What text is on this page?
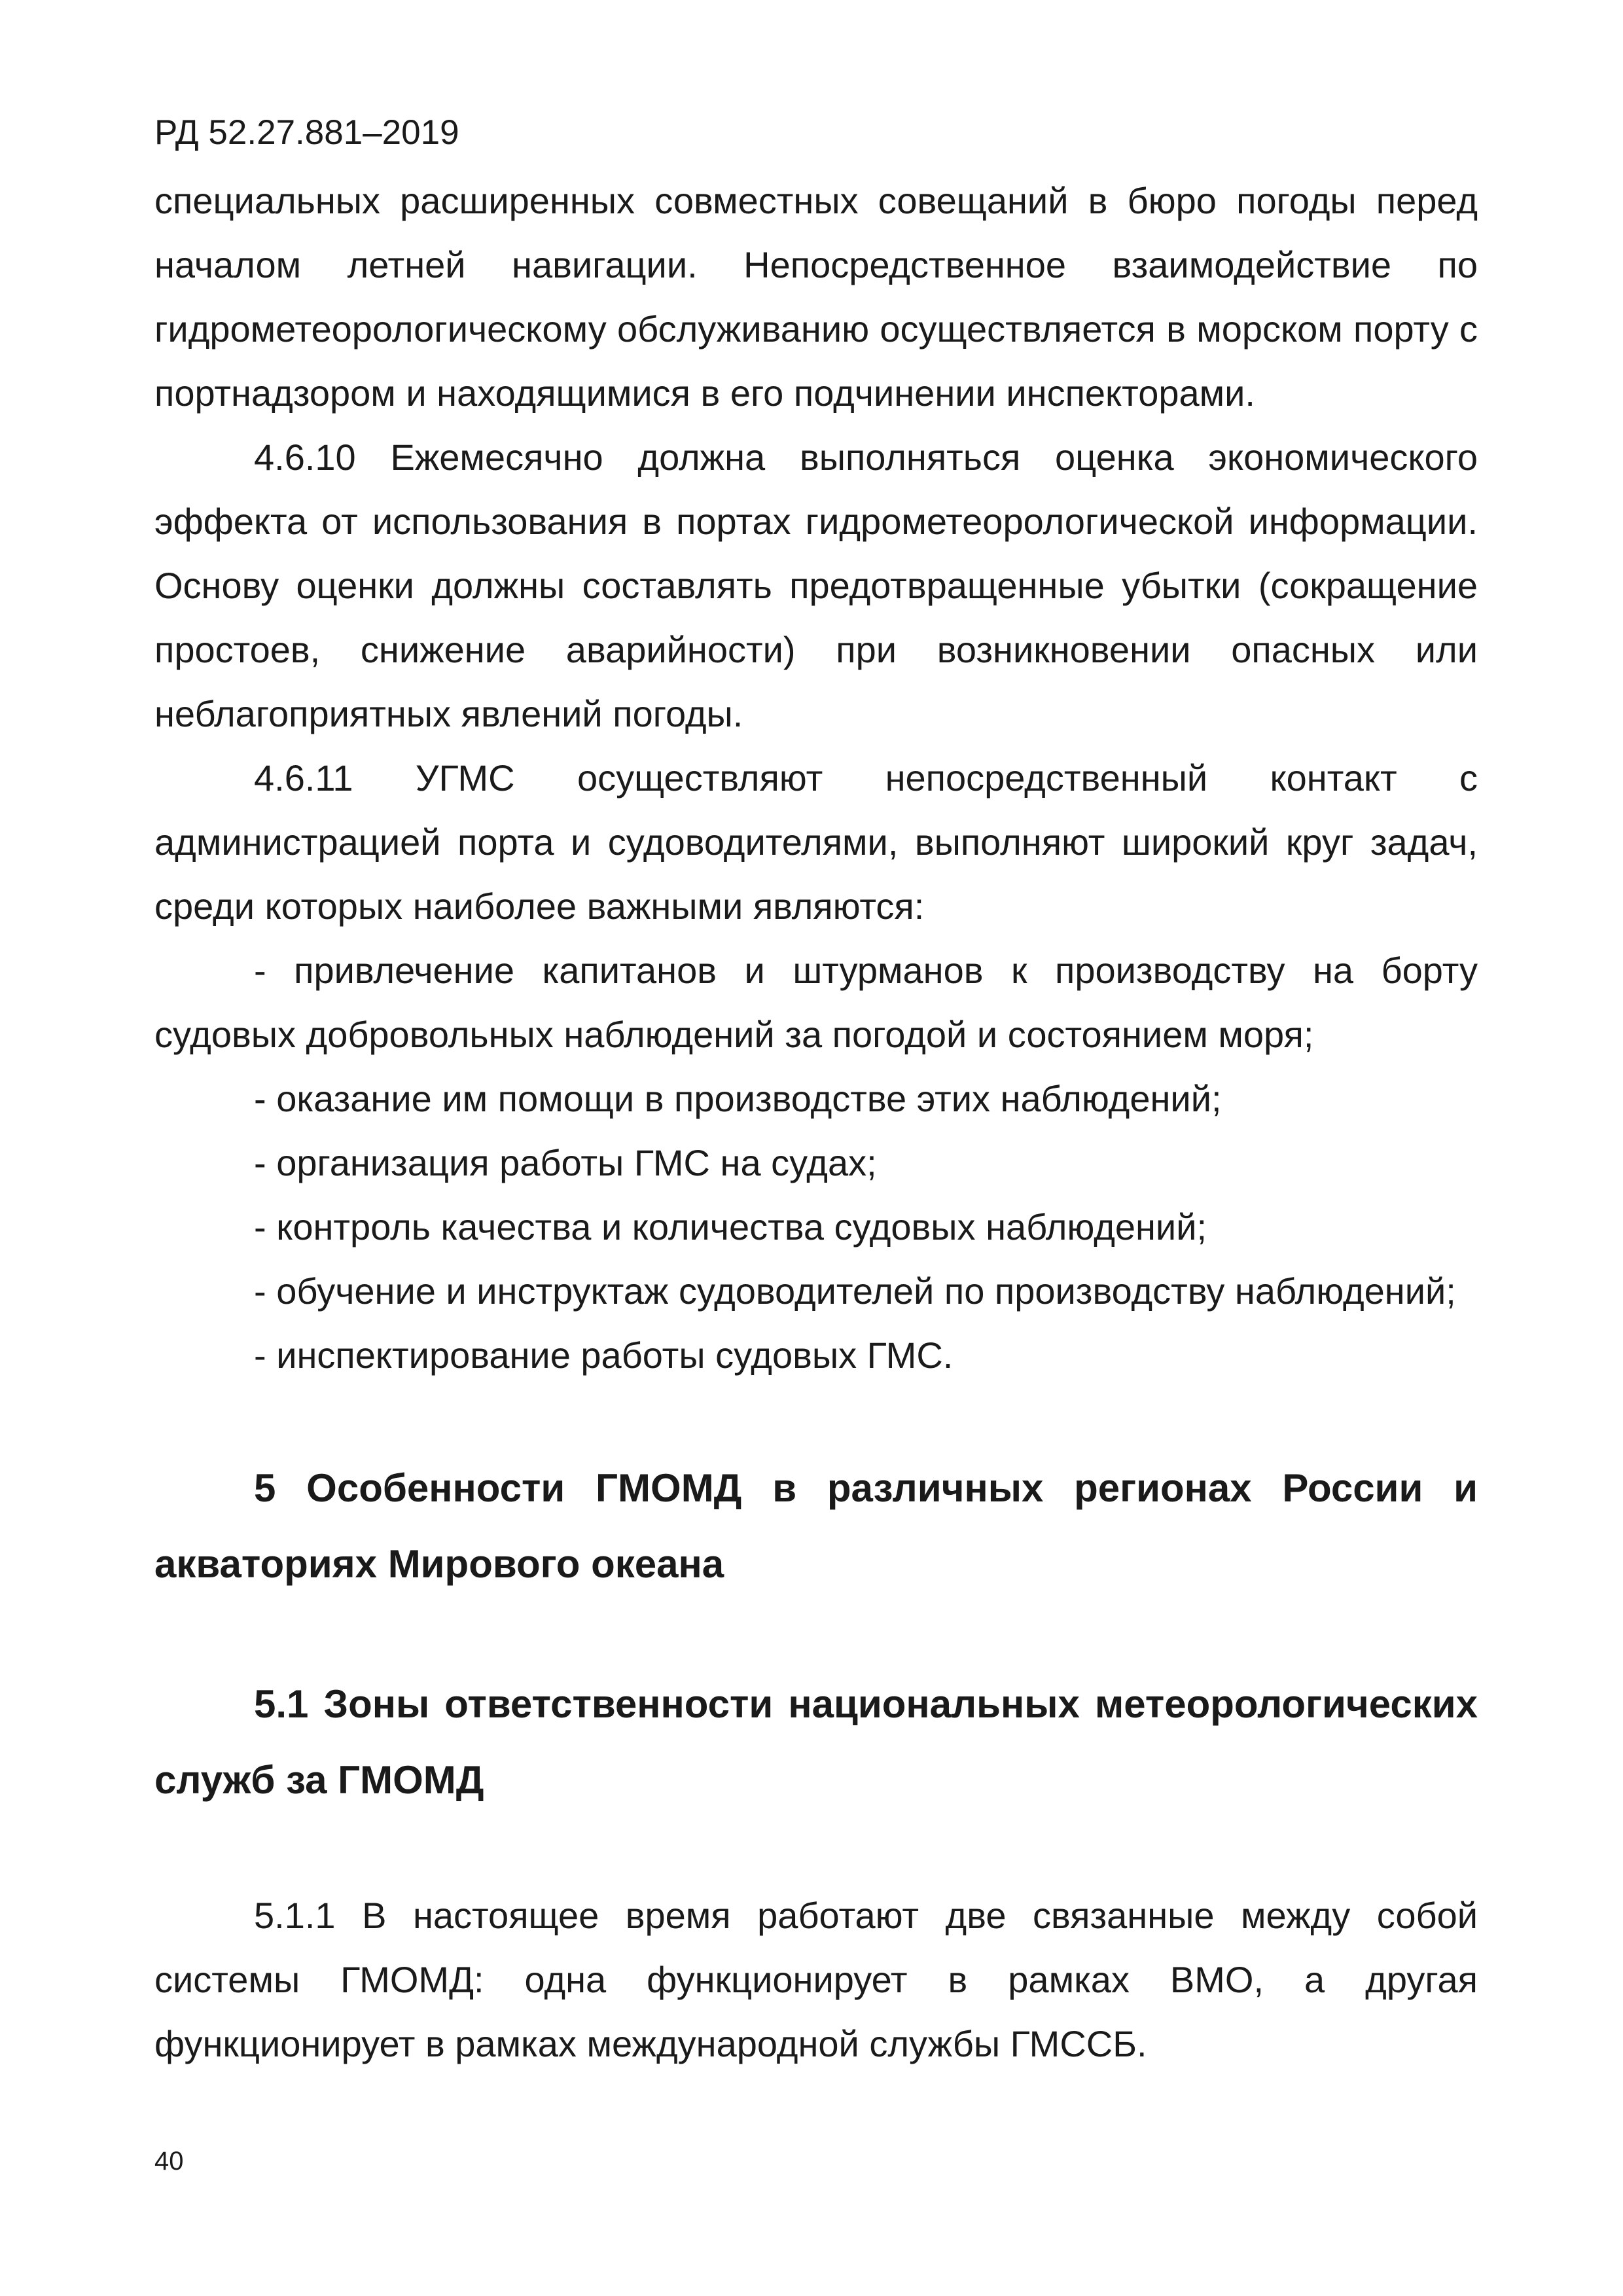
РД 52.27.881–2019

специальных расширенных совместных совещаний в бюро погоды перед началом летней навигации. Непосредственное взаимодействие по гидрометеорологическому обслуживанию осуществляется в морском порту с портнадзором и находящимися в его подчинении инспекторами.

4.6.10 Ежемесячно должна выполняться оценка экономического эффекта от использования в портах гидрометеорологической информации. Основу оценки должны составлять предотвращенные убытки (сокращение простоев, снижение аварийности) при возникновении опасных или неблагоприятных явлений погоды.

4.6.11 УГМС осуществляют непосредственный контакт с администрацией порта и судоводителями, выполняют широкий круг задач, среди которых наиболее важными являются:

- привлечение капитанов и штурманов к производству на борту судовых добровольных наблюдений за погодой и состоянием моря;

- оказание им помощи в производстве этих наблюдений;

- организация работы ГМС на судах;

- контроль качества и количества судовых наблюдений;

- обучение и инструктаж судоводителей по производству наблюдений;

- инспектирование работы судовых ГМС.

5 Особенности ГМОМД в различных регионах России и акваториях Мирового океана
5.1 Зоны ответственности национальных метеорологических служб за ГМОМД

5.1.1 В настоящее время работают две связанные между собой системы ГМОМД: одна функционирует в рамках ВМО, а другая функционирует в рамках международной службы ГМССБ.

40
